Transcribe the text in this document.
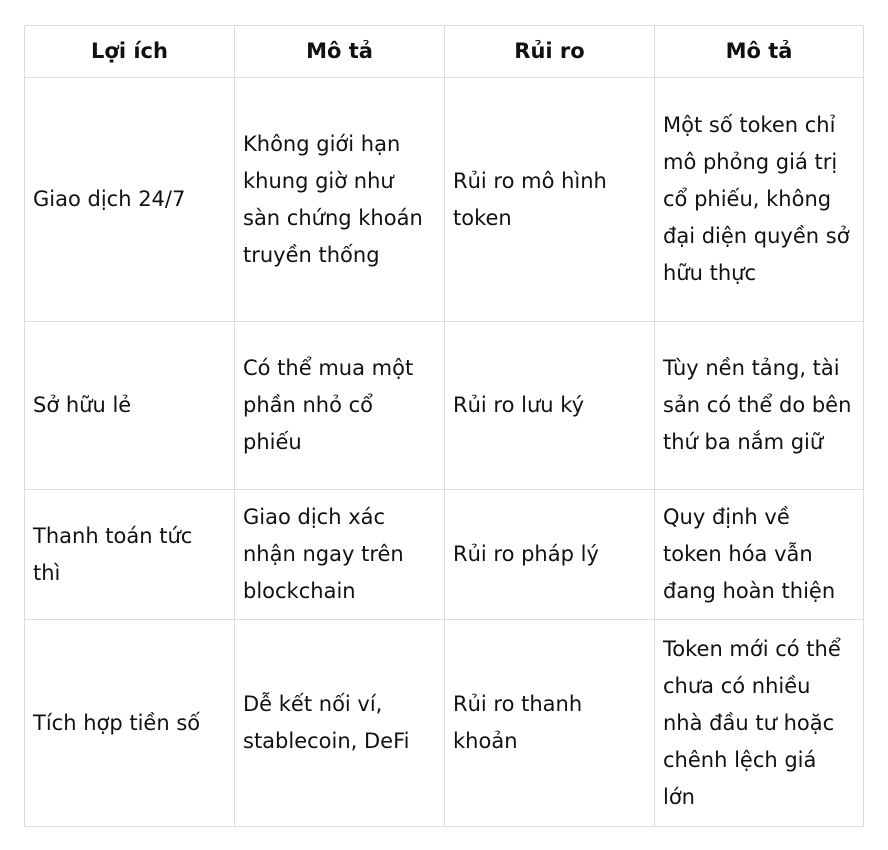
Lợi ích	Mô tả	Rủi ro	Mô tả
Giao dịch 24/7	Không giới hạn khung giờ như sàn chứng khoán truyền thống	Rủi ro mô hình token	Một số token chỉ mô phỏng giá trị cổ phiếu, không đại diện quyền sở hữu thực
Sở hữu lẻ	Có thể mua một phần nhỏ cổ phiếu	Rủi ro lưu ký	Tùy nền tảng, tài sản có thể do bên thứ ba nắm giữ
Thanh toán tức thì	Giao dịch xác nhận ngay trên blockchain	Rủi ro pháp lý	Quy định về token hóa vẫn đang hoàn thiện
Tích hợp tiền số	Dễ kết nối ví, stablecoin, DeFi	Rủi ro thanh khoản	Token mới có thể chưa có nhiều nhà đầu tư hoặc chênh lệch giá lớn
